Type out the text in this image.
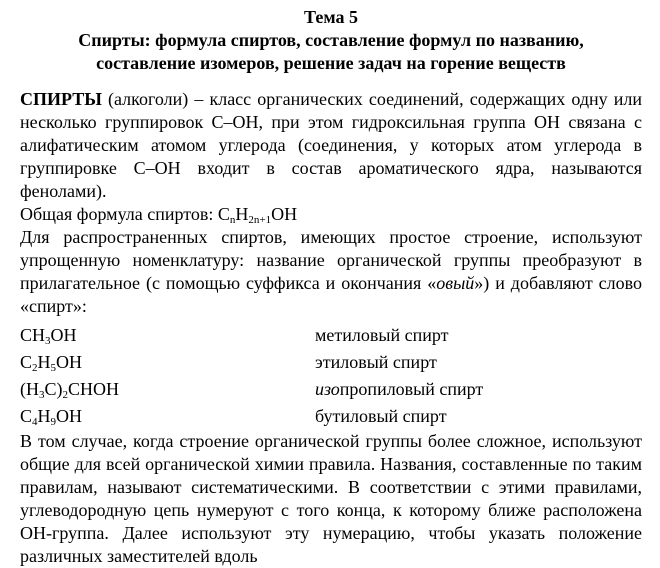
Тема 5
Спирты: формула спиртов, составление формул по названию,
составление изомеров, решение задач на горение веществ
СПИРТЫ (алкоголи) – класс органических соединений, содержащих одну или несколько группировок C–OH, при этом гидроксильная группа OH связана с алифатическим атомом углерода (соединения, у которых атом углерода в группировке C–OH входит в состав ароматического ядра, называются фенолами).
Общая формула спиртов: $C_nH_{2n+1}OH$
Для распространенных спиртов, имеющих простое строение, используют упрощенную номенклатуру: название органической группы преобразуют в прилагательное (с помощью суффикса и окончания «овый») и добавляют слово «спирт»:
$CH_3OH$	метиловый спирт
$C_2H_5OH$	этиловый спирт
$(H_3C)_2CHOH$	изопропиловый спирт
$C_4H_9OH$	бутиловый спирт
В том случае, когда строение органической группы более сложное, используют общие для всей органической химии правила. Названия, составленные по таким правилам, называют систематическими. В соответствии с этими правилами, углеводородную цепь нумеруют с того конца, к которому ближе расположена OH-группа. Далее используют эту нумерацию, чтобы указать положение различных заместителей вдоль
